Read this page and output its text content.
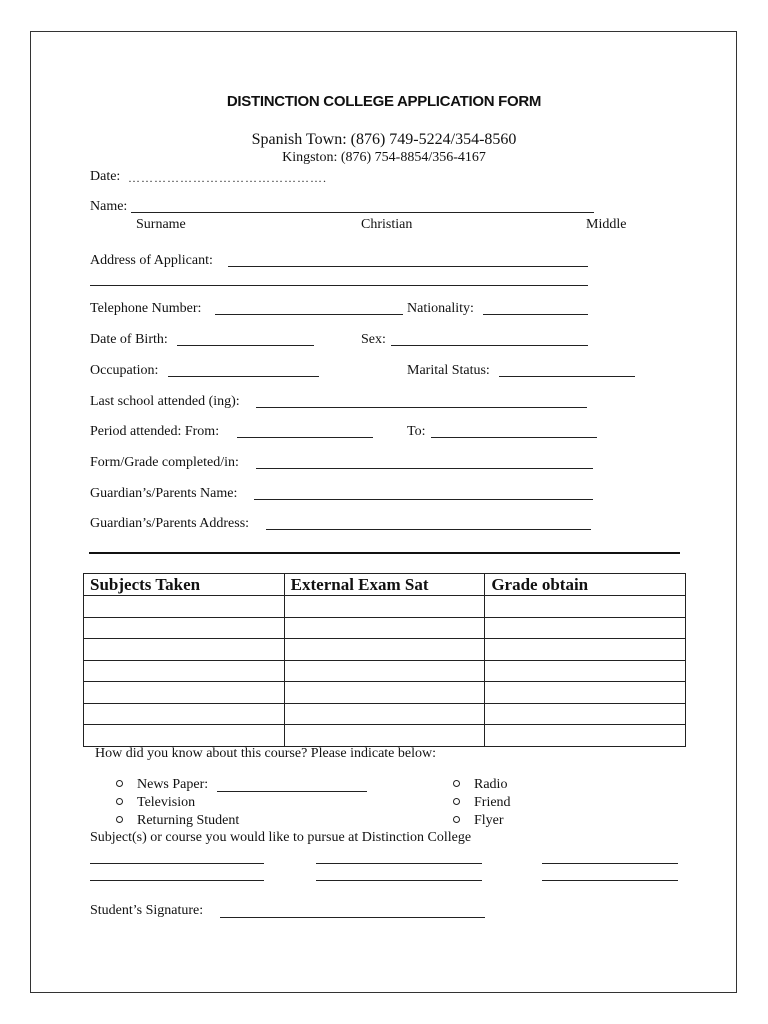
DISTINCTION COLLEGE APPLICATION FORM
Spanish Town: (876) 749-5224/354-8560
Kingston: (876) 754-8854/356-4167
Date: ……………………………………….
Name:
Surname	Christian	Middle
Address of Applicant:
Telephone Number:	Nationality:
Date of Birth:	Sex:
Occupation:	Marital Status:
Last school attended (ing):
Period attended: From:	To:
Form/Grade completed/in:
Guardian’s/Parents Name:
Guardian’s/Parents Address:
Subjects Taken	External Exam Sat	Grade obtain

How did you know about this course? Please indicate below:
News Paper:
Television
Returning Student
Radio
Friend
Flyer
Subject(s) or course you would like to pursue at Distinction College
Student’s Signature:
